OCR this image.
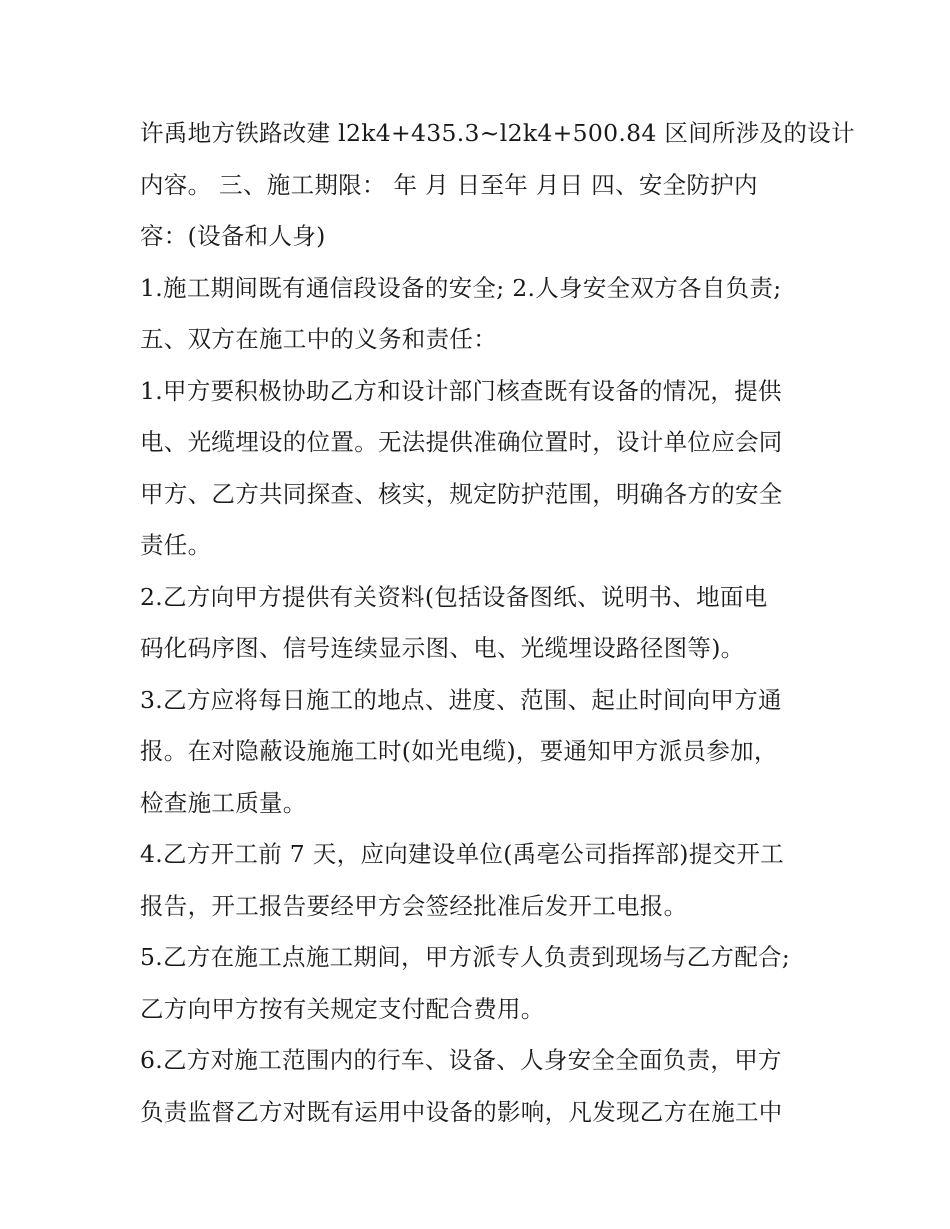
许禹地方铁路改建 l2k4+435.3~l2k4+500.84 区间所涉及的设计
内容。 三、施工期限： 年 月 日至年 月日 四、安全防护内
容：(设备和人身)
1.施工期间既有通信段设备的安全; 2.人身安全双方各自负责;
五、双方在施工中的义务和责任：
1.甲方要积极协助乙方和设计部门核查既有设备的情况，提供
电、光缆埋设的位置。无法提供准确位置时，设计单位应会同
甲方、乙方共同探查、核实，规定防护范围，明确各方的安全
责任。
2.乙方向甲方提供有关资料(包括设备图纸、说明书、地面电
码化码序图、信号连续显示图、电、光缆埋设路径图等)。
3.乙方应将每日施工的地点、进度、范围、起止时间向甲方通
报。在对隐蔽设施施工时(如光电缆)，要通知甲方派员参加，
检查施工质量。
4.乙方开工前 7 天，应向建设单位(禹亳公司指挥部)提交开工
报告，开工报告要经甲方会签经批准后发开工电报。
5.乙方在施工点施工期间，甲方派专人负责到现场与乙方配合;
乙方向甲方按有关规定支付配合费用。
6.乙方对施工范围内的行车、设备、人身安全全面负责，甲方
负责监督乙方对既有运用中设备的影响，凡发现乙方在施工中
